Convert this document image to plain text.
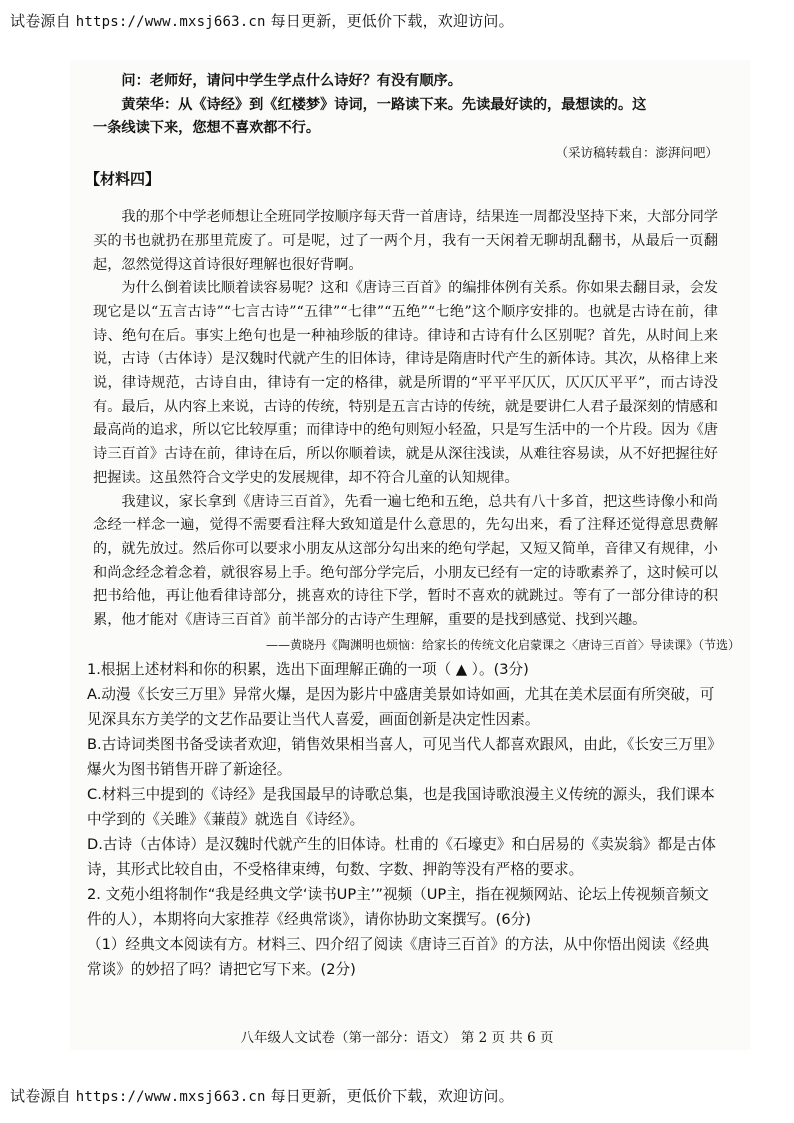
试卷源自 https://www.mxsj663.cn 每日更新，更低价下载，欢迎访问。

问：老师好，请问中学生学点什么诗好？有没有顺序。

黄荣华：从《诗经》到《红楼梦》诗词，一路读下来。先读最好读的，最想读的。这

一条线读下来，您想不喜欢都不行。

（采访稿转载自：澎湃问吧）

【材料四】

我的那个中学老师想让全班同学按顺序每天背一首唐诗，结果连一周都没坚持下来，大部分同学买的书也就扔在那里荒废了。可是呢，过了一两个月，我有一天闲着无聊胡乱翻书，从最后一页翻起，忽然觉得这首诗很好理解也很好背啊。

为什么倒着读比顺着读容易呢？这和《唐诗三百首》的编排体例有关系。你如果去翻目录，会发现它是以“五言古诗”“七言古诗”“五律”“七律”“五绝”“七绝”这个顺序安排的。也就是古诗在前，律诗、绝句在后。事实上绝句也是一种袖珍版的律诗。律诗和古诗有什么区别呢？首先，从时间上来说，古诗（古体诗）是汉魏时代就产生的旧体诗，律诗是隋唐时代产生的新体诗。其次，从格律上来说，律诗规范，古诗自由，律诗有一定的格律，就是所谓的“平平平仄仄，仄仄仄平平”，而古诗没有。最后，从内容上来说，古诗的传统，特别是五言古诗的传统，就是要讲仁人君子最深刻的情感和最高尚的追求，所以它比较厚重；而律诗中的绝句则短小轻盈，只是写生活中的一个片段。因为《唐诗三百首》古诗在前，律诗在后，所以你顺着读，就是从深往浅读，从难往容易读，从不好把握往好把握读。这虽然符合文学史的发展规律，却不符合儿童的认知规律。

我建议，家长拿到《唐诗三百首》，先看一遍七绝和五绝，总共有八十多首，把这些诗像小和尚念经一样念一遍，觉得不需要看注释大致知道是什么意思的，先勾出来，看了注释还觉得意思费解的，就先放过。然后你可以要求小朋友从这部分勾出来的绝句学起，又短又简单，音律又有规律，小和尚念经念着念着，就很容易上手。绝句部分学完后，小朋友已经有一定的诗歌素养了，这时候可以把书给他，再让他看律诗部分，挑喜欢的诗往下学，暂时不喜欢的就跳过。等有了一部分律诗的积累，他才能对《唐诗三百首》前半部分的古诗产生理解，重要的是找到感觉、找到兴趣。

——黄晓丹《陶渊明也烦恼：给家长的传统文化启蒙课之〈唐诗三百首〉导读课》（节选）

1.根据上述材料和你的积累，选出下面理解正确的一项（ ▲ ）。(3分)

A.动漫《长安三万里》异常火爆，是因为影片中盛唐美景如诗如画，尤其在美术层面有所突破，可见深具东方美学的文艺作品要让当代人喜爱，画面创新是决定性因素。

B.古诗词类图书备受读者欢迎，销售效果相当喜人，可见当代人都喜欢跟风，由此，《长安三万里》爆火为图书销售开辟了新途径。

C.材料三中提到的《诗经》是我国最早的诗歌总集，也是我国诗歌浪漫主义传统的源头，我们课本中学到的《关雎》《蒹葭》就选自《诗经》。

D.古诗（古体诗）是汉魏时代就产生的旧体诗。杜甫的《石壕吏》和白居易的《卖炭翁》都是古体诗，其形式比较自由，不受格律束缚，句数、字数、押韵等没有严格的要求。

2. 文苑小组将制作“我是经典文学‘读书UP主’”视频（UP主，指在视频网站、论坛上传视频音频文件的人），本期将向大家推荐《经典常谈》，请你协助文案撰写。(6分)

（1）经典文本阅读有方。材料三、四介绍了阅读《唐诗三百首》的方法，从中你悟出阅读《经典常谈》的妙招了吗？请把它写下来。(2分)

八年级人文试卷（第一部分：语文） 第 2 页 共 6 页
试卷源自 https://www.mxsj663.cn 每日更新，更低价下载，欢迎访问。
